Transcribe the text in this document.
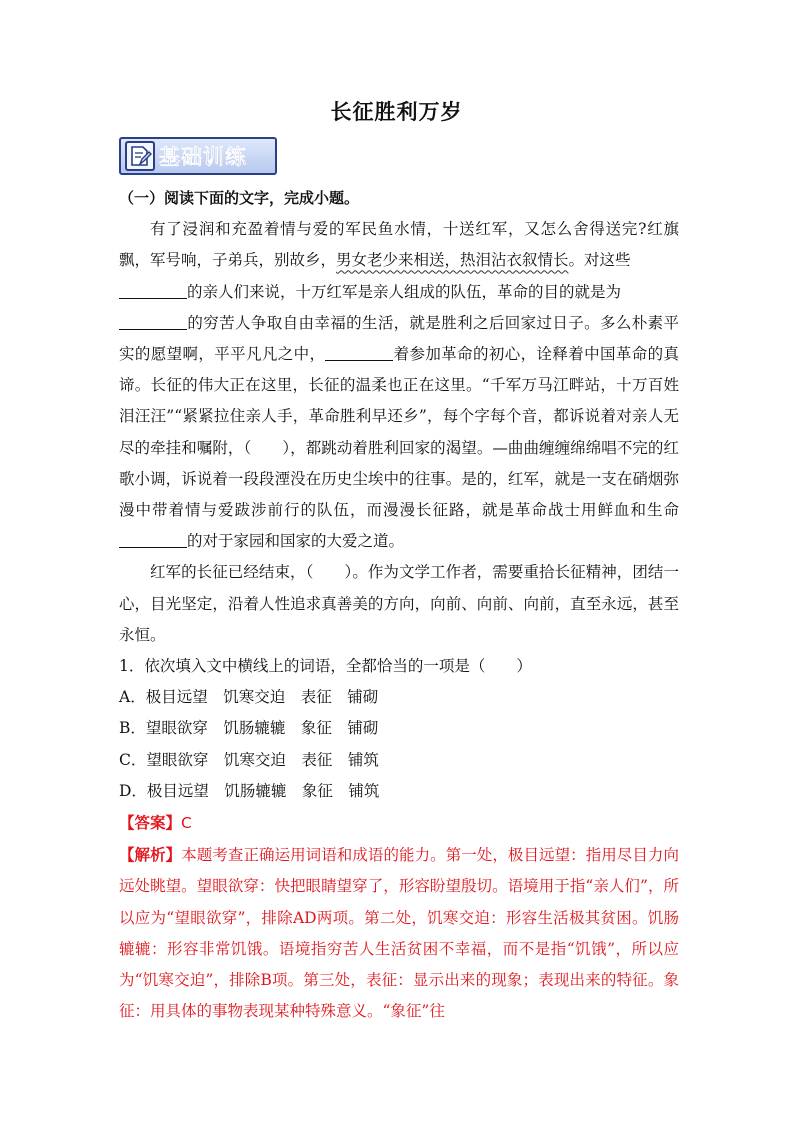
长征胜利万岁
基础训练

（一）阅读下面的文字，完成小题。

有了浸润和充盈着情与爱的军民鱼水情，十送红军，又怎么舍得送完?红旗飘，军号响，子弟兵，别故乡，男女老少来相送，热泪沾衣叙情长。对这些
的亲人们来说，十万红军是亲人组成的队伍，革命的目的就是为
的穷苦人争取自由幸福的生活，就是胜利之后回家过日子。多么朴素平实的愿望啊，平平凡凡之中，	着参加革命的初心，诠释着中国革命的真谛。长征的伟大正在这里，长征的温柔也正在这里。“千军万马江畔站，十万百姓泪汪汪”“紧紧拉住亲人手，革命胜利早还乡”，每个字每个音，都诉说着对亲人无尽的牵挂和嘱附，（　　），都跳动着胜利回家的渴望。—曲曲缠缠绵绵唱不完的红歌小调，诉说着一段段湮没在历史尘埃中的往事。是的，红军，就是一支在硝烟弥漫中带着情与爱跋涉前行的队伍，而漫漫长征路，就是革命战士用鲜血和生命的对于家园和国家的大爱之道。

红军的长征已经结束，（　　）。作为文学工作者，需要重拾长征精神，团结一心，目光坚定，沿着人性追求真善美的方向，向前、向前、向前，直至永远，甚至永恒。

1．依次填入文中横线上的词语，全都恰当的一项是（　　）

A．极目远望　饥寒交迫　表征　铺砌

B．望眼欲穿　饥肠辘辘　象征　铺砌

C．望眼欲穿　饥寒交迫　表征　铺筑

D．极目远望　饥肠辘辘　象征　铺筑

【答案】C

【解析】本题考查正确运用词语和成语的能力。第一处，极目远望：指用尽目力向远处眺望。望眼欲穿：快把眼睛望穿了，形容盼望殷切。语境用于指“亲人们”，所以应为“望眼欲穿”，排除AD两项。第二处，饥寒交迫：形容生活极其贫困。饥肠辘辘：形容非常饥饿。语境指穷苦人生活贫困不幸福，而不是指“饥饿”，所以应为“饥寒交迫”，排除B项。第三处，表征：显示出来的现象；表现出来的特征。象征：用具体的事物表现某种特殊意义。“象征”往
